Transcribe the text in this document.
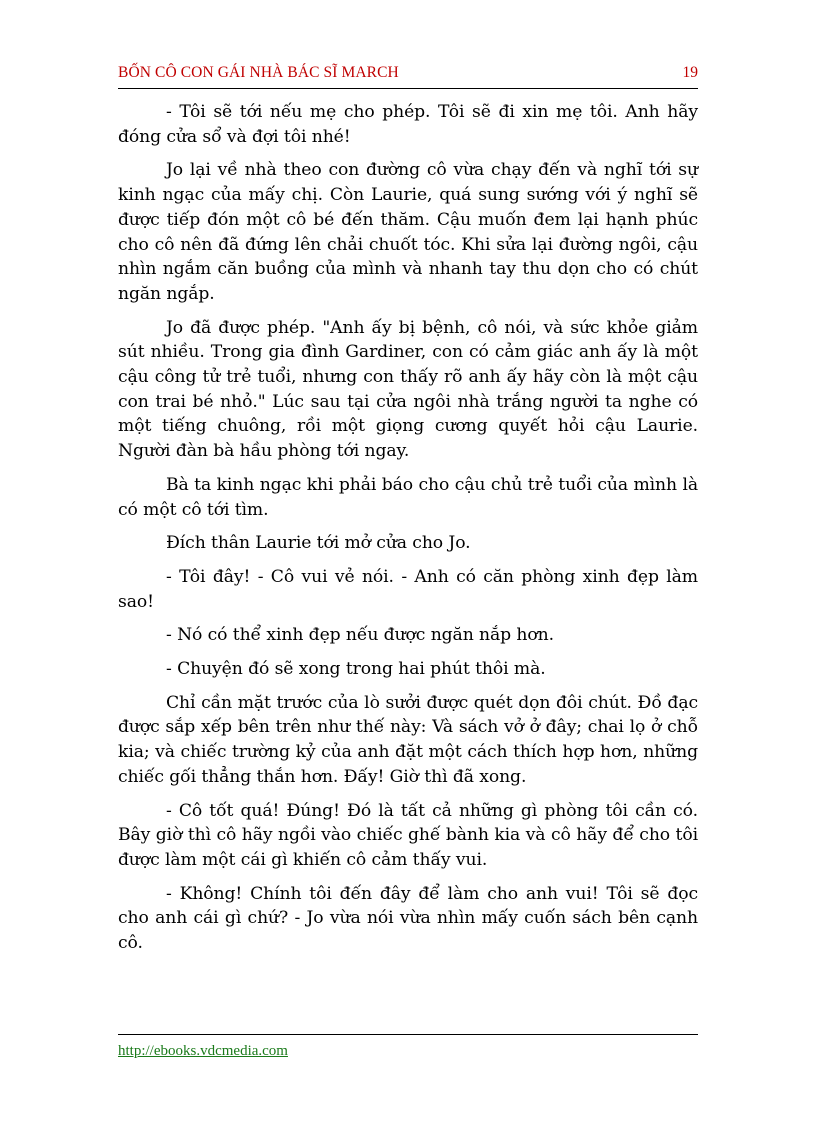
BỐN CÔ CON GÁI NHÀ BÁC SĨ MARCH	19

- Tôi sẽ tới nếu mẹ cho phép. Tôi sẽ đi xin mẹ tôi. Anh hãy đóng cửa sổ và đợi tôi nhé!

Jo lại về nhà theo con đường cô vừa chạy đến và nghĩ tới sự kinh ngạc của mấy chị. Còn Laurie, quá sung sướng với ý nghĩ sẽ được tiếp đón một cô bé đến thăm. Cậu muốn đem lại hạnh phúc cho cô nên đã đứng lên chải chuốt tóc. Khi sửa lại đường ngôi, cậu nhìn ngắm căn buồng của mình và nhanh tay thu dọn cho có chút ngăn ngắp.

Jo đã được phép. "Anh ấy bị bệnh, cô nói, và sức khỏe giảm sút nhiều. Trong gia đình Gardiner, con có cảm giác anh ấy là một cậu công tử trẻ tuổi, nhưng con thấy rõ anh ấy hãy còn là một cậu con trai bé nhỏ." Lúc sau tại cửa ngôi nhà trắng người ta nghe có một tiếng chuông, rồi một giọng cương quyết hỏi cậu Laurie. Người đàn bà hầu phòng tới ngay.

Bà ta kinh ngạc khi phải báo cho cậu chủ trẻ tuổi của mình là có một cô tới tìm.

Đích thân Laurie tới mở cửa cho Jo.

- Tôi đây! - Cô vui vẻ nói. - Anh có căn phòng xinh đẹp làm sao!

- Nó có thể xinh đẹp nếu được ngăn nắp hơn.

- Chuyện đó sẽ xong trong hai phút thôi mà.

Chỉ cần mặt trước của lò sưởi được quét dọn đôi chút. Đồ đạc được sắp xếp bên trên như thế này: Và sách vở ở đây; chai lọ ở chỗ kia; và chiếc trường kỷ của anh đặt một cách thích hợp hơn, những chiếc gối thẳng thắn hơn. Đấy! Giờ thì đã xong.

- Cô tốt quá! Đúng! Đó là tất cả những gì phòng tôi cần có. Bây giờ thì cô hãy ngồi vào chiếc ghế bành kia và cô hãy để cho tôi được làm một cái gì khiến cô cảm thấy vui.

- Không! Chính tôi đến đây để làm cho anh vui! Tôi sẽ đọc cho anh cái gì chứ? - Jo vừa nói vừa nhìn mấy cuốn sách bên cạnh cô.

http://ebooks.vdcmedia.com
